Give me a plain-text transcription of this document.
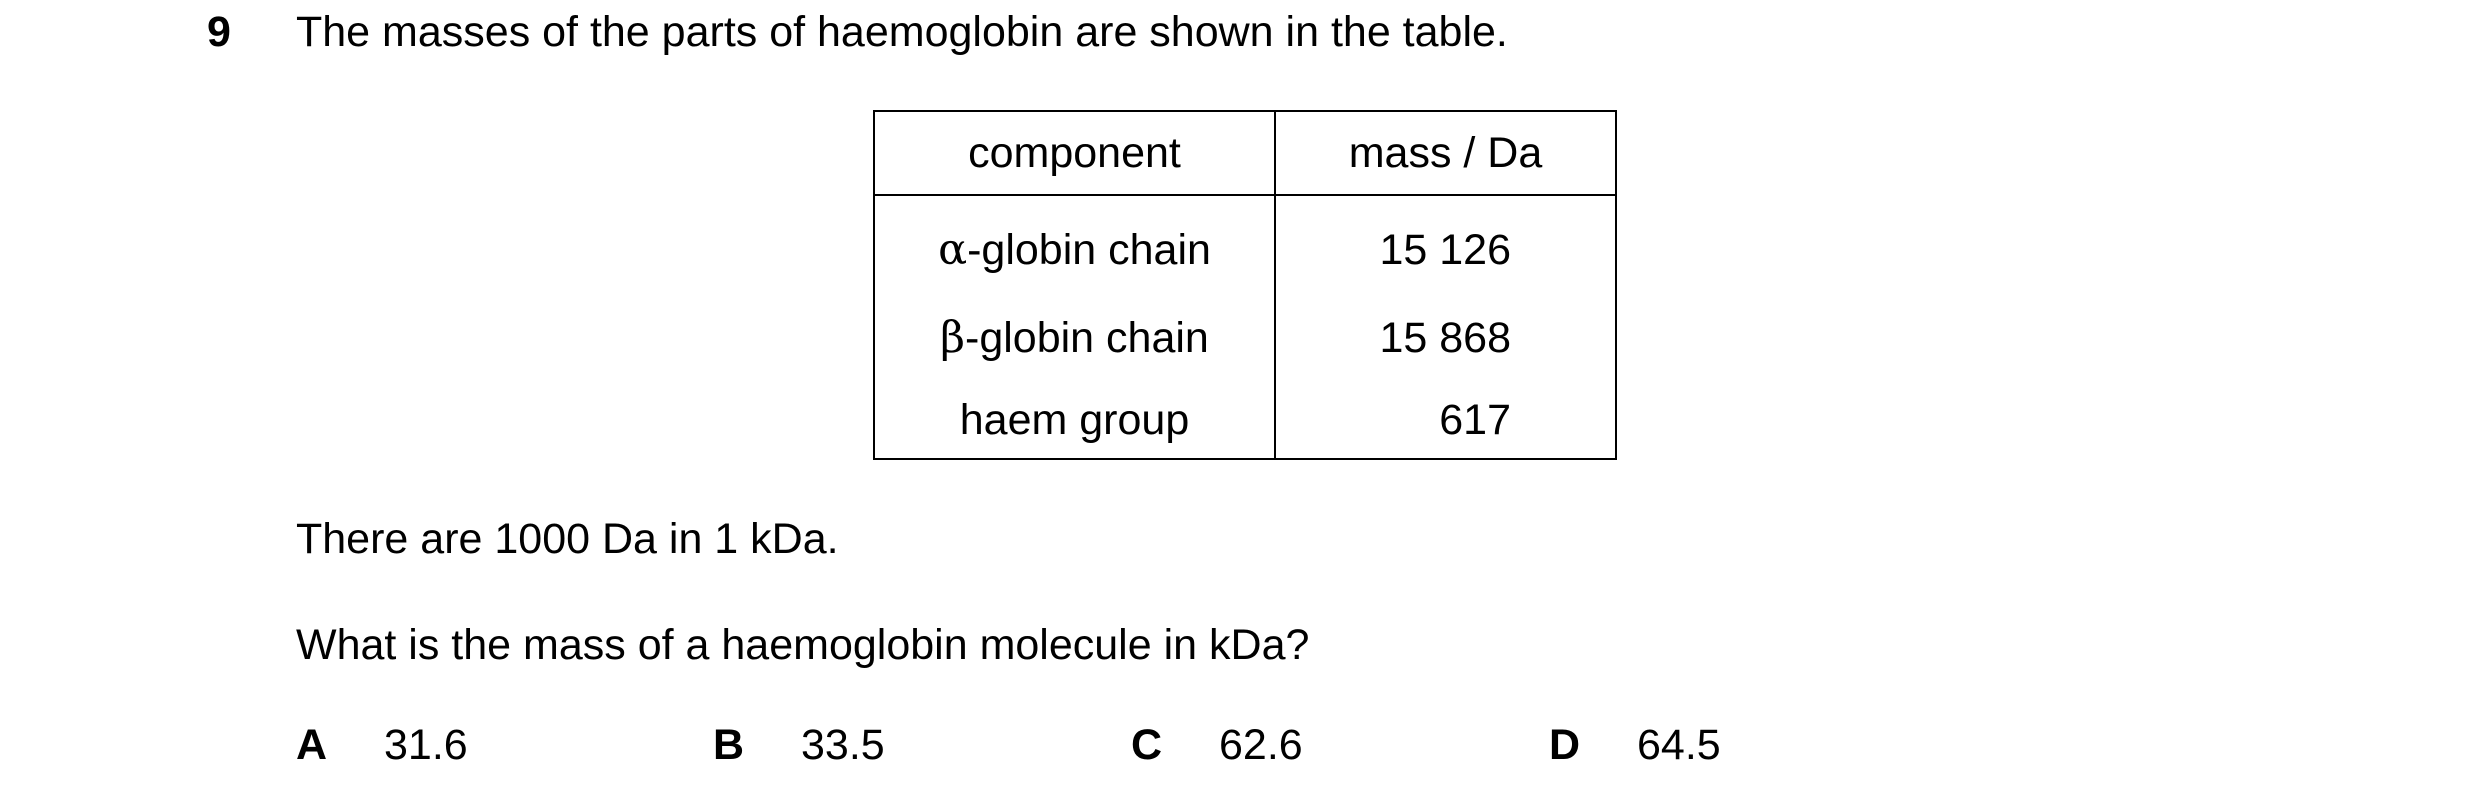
9 The masses of the parts of haemoglobin are shown in the table.
component	mass / Da
α-globin chain	15 126
β-globin chain	15 868
haem group	617
There are 1000 Da in 1 kDa.
What is the mass of a haemoglobin molecule in kDa?
A 31.6	B 33.5	C 62.6	D 64.5
